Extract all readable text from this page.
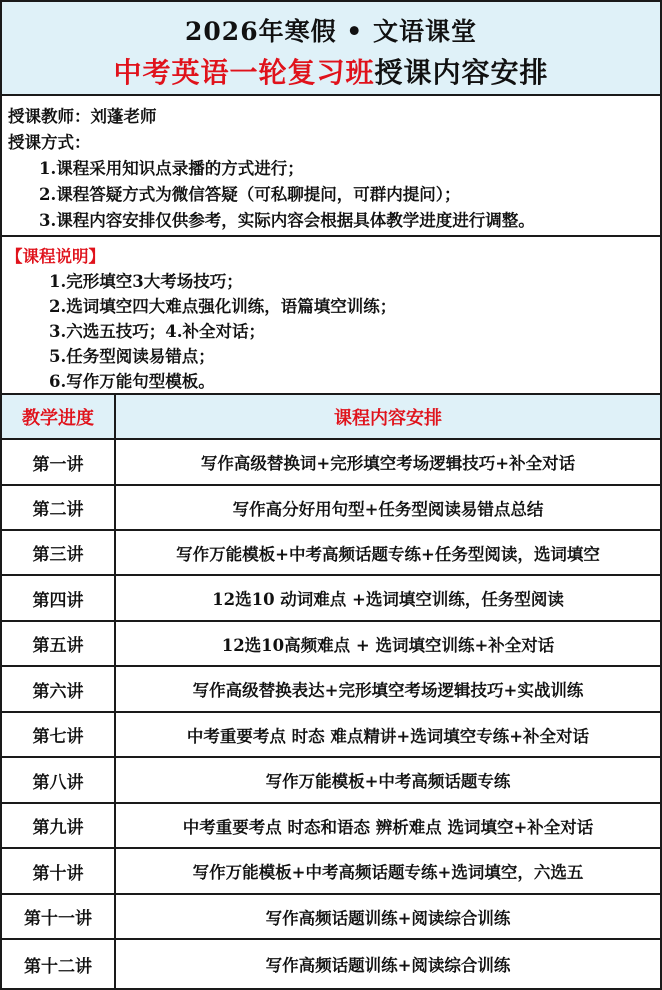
2026年寒假 • 文语课堂
中考英语一轮复习班授课内容安排
授课教师：刘蓬老师
授课方式：
1.课程采用知识点录播的方式进行；
2.课程答疑方式为微信答疑（可私聊提问，可群内提问）；
3.课程内容安排仅供参考，实际内容会根据具体教学进度进行调整。
【课程说明】
1.完形填空3大考场技巧；
2.选词填空四大难点强化训练，语篇填空训练；
3.六选五技巧；4.补全对话；
5.任务型阅读易错点；
6.写作万能句型模板。
教学进度	课程内容安排
第一讲	写作高级替换词+完形填空考场逻辑技巧+补全对话
第二讲	写作高分好用句型+任务型阅读易错点总结
第三讲	写作万能模板+中考高频话题专练+任务型阅读，选词填空
第四讲	12选10 动词难点 +选词填空训练，任务型阅读
第五讲	12选10高频难点 + 选词填空训练+补全对话
第六讲	写作高级替换表达+完形填空考场逻辑技巧+实战训练
第七讲	中考重要考点 时态 难点精讲+选词填空专练+补全对话
第八讲	写作万能模板+中考高频话题专练
第九讲	中考重要考点 时态和语态 辨析难点 选词填空+补全对话
第十讲	写作万能模板+中考高频话题专练+选词填空，六选五
第十一讲	写作高频话题训练+阅读综合训练
第十二讲	写作高频话题训练+阅读综合训练
